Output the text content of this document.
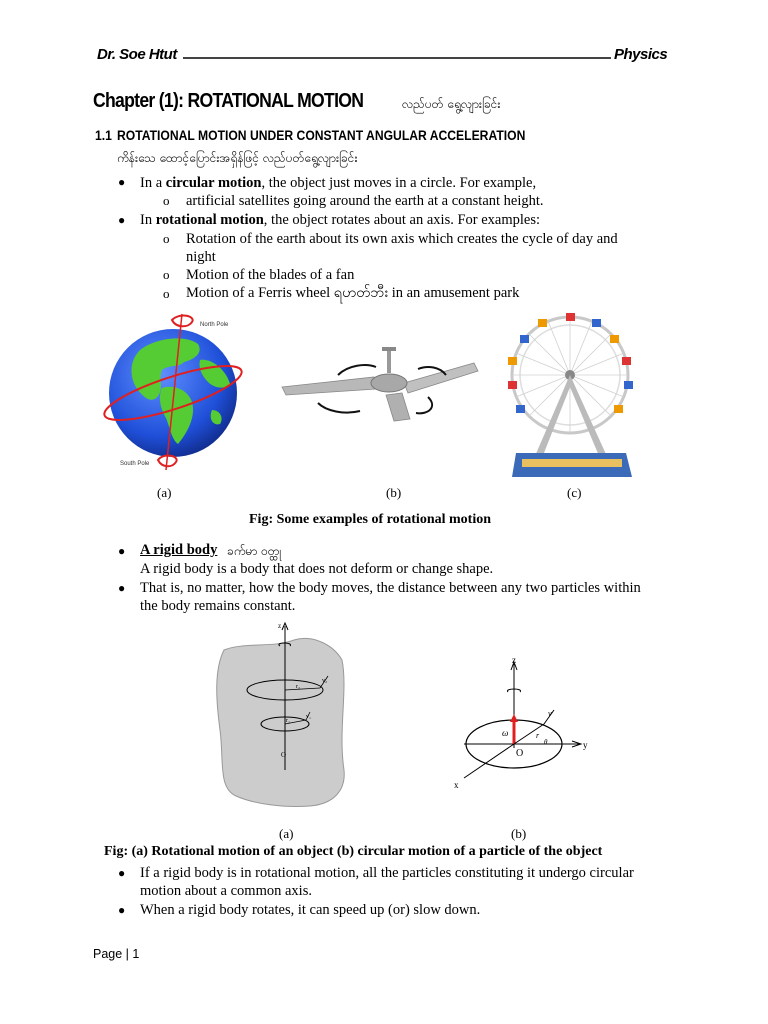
Dr. Soe Htut	Physics
Chapter (1): ROTATIONAL MOTION	လည်ပတ် ရွေ့လျားခြင်း
1.1 ROTATIONAL MOTION UNDER CONSTANT ANGULAR ACCELERATION
ကိန်းသေ ထောင့်ပြောင်းအရှိန်ဖြင့် လည်ပတ်ရွေ့လျားခြင်း
● In a circular motion, the object just moves in a circle. For example,
o artificial satellites going around the earth at a constant height.
● In rotational motion, the object rotates about an axis. For examples:
o Rotation of the earth about its own axis which creates the cycle of day and
night
o Motion of the blades of a fan
o Motion of a Ferris wheel ရဟတ်ဘီး in an amusement park
North Pole
South Pole
(a)	(b)	(c)
Fig: Some examples of rotational motion
● A rigid body ခက်မာ ဝတ္ထု
A rigid body is a body that does not deform or change shape.
● That is, no matter, how the body moves, the distance between any two particles within
the body remains constant.
z
r₂
r₁
v₂
v₁
O
z
y
x
ω
v
r
θ
O
(a)	(b)
Fig: (a) Rotational motion of an object (b) circular motion of a particle of the object
● If a rigid body is in rotational motion, all the particles constituting it undergo circular
motion about a common axis.
● When a rigid body rotates, it can speed up (or) slow down.
Page | 1
